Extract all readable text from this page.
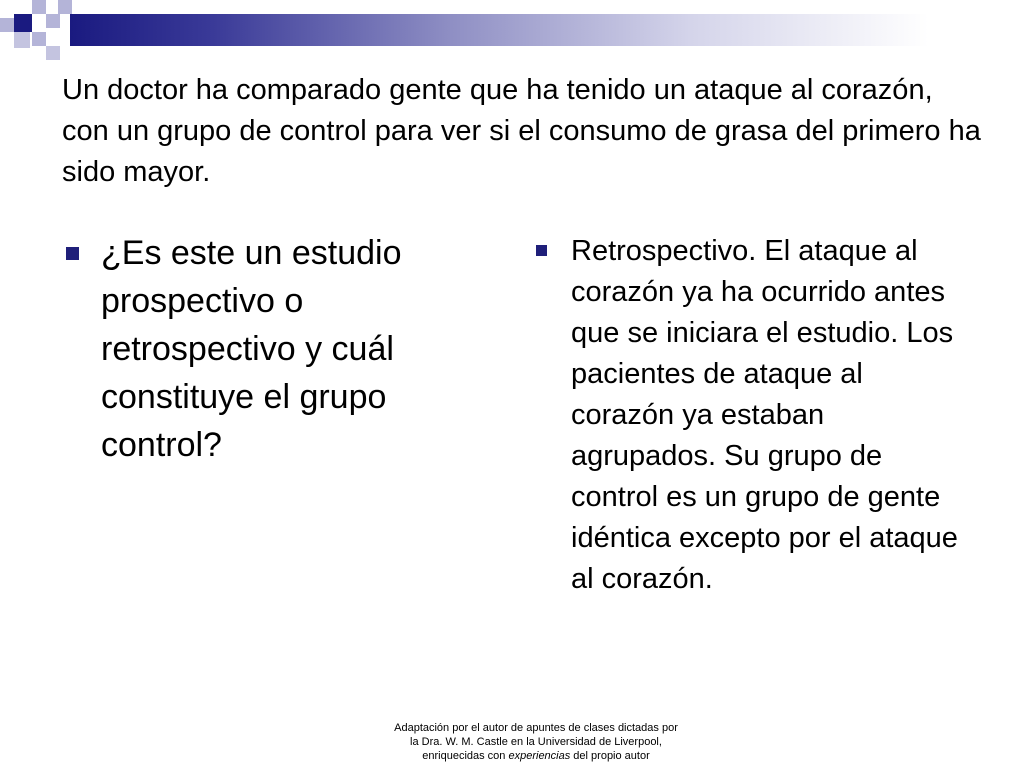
Un doctor ha comparado gente que ha tenido un ataque al corazón, con un grupo de control para ver si el consumo de grasa del primero ha sido mayor.
¿Es este un estudio prospectivo o retrospectivo y cuál constituye el grupo control?
Retrospectivo. El ataque al corazón ya ha ocurrido antes que se iniciara el estudio. Los pacientes de ataque al corazón ya estaban agrupados. Su grupo de control es un grupo de gente idéntica excepto por el ataque al corazón.

Adaptación por el autor de apuntes de clases dictadas por
la Dra. W. M. Castle en la Universidad de Liverpool,
enriquecidas con experiencias del propio autor
